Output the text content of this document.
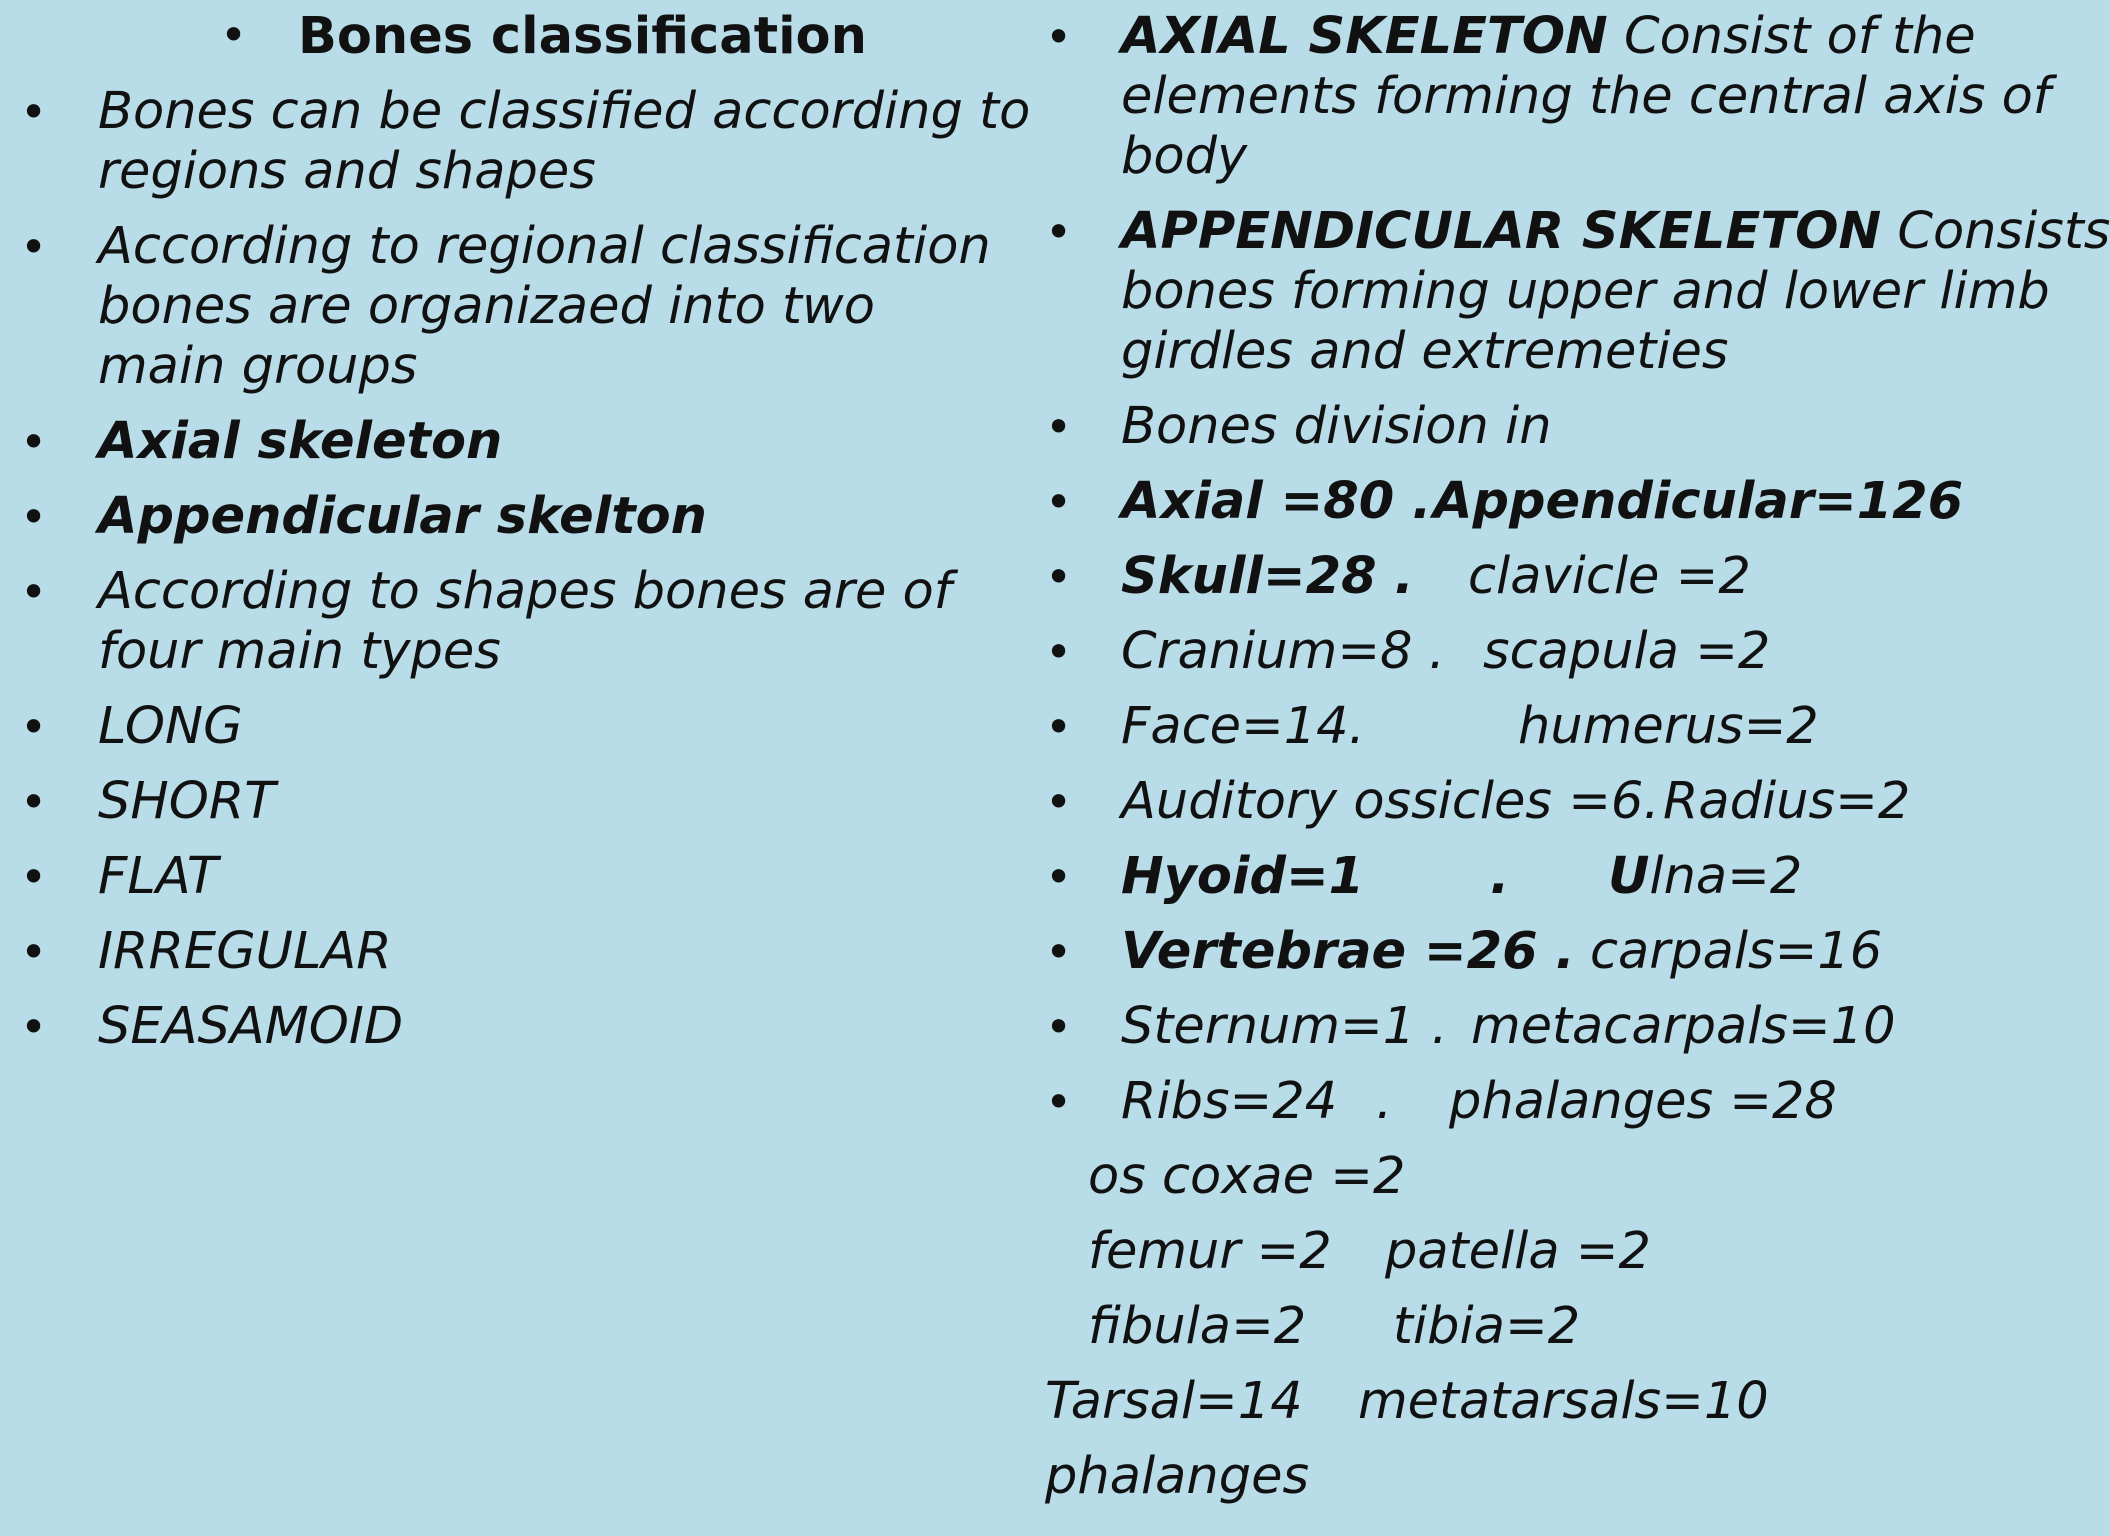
• Bones classification
• Bones can be classified according to
regions and shapes
• According to regional classification
bones are organizaed into two
main groups
• Axial skeleton
• Appendicular skelton
• According to shapes bones are of
four main types
• LONG
• SHORT
• FLAT
• IRREGULAR
• SEASAMOID
• AXIAL SKELETON Consist of the
elements forming the central axis of
body
• APPENDICULAR SKELETON Consists
bones forming upper and lower limb
girdles and extremeties
• Bones division in
• Axial =80 . Appendicular=126
• Skull=28 . clavicle =2
• Cranium=8 . scapula =2
• Face=14.	humerus=2
• Auditory ossicles =6. Radius=2
• Hyoid=1 . Ulna=2
• Vertebrae =26 . carpals=16
• Sternum=1 . metacarpals=10
• Ribs=24 . phalanges =28
os coxae =2
femur =2 patella =2
fibula=2 tibia=2
Tarsal=14 metatarsals=10
phalanges
